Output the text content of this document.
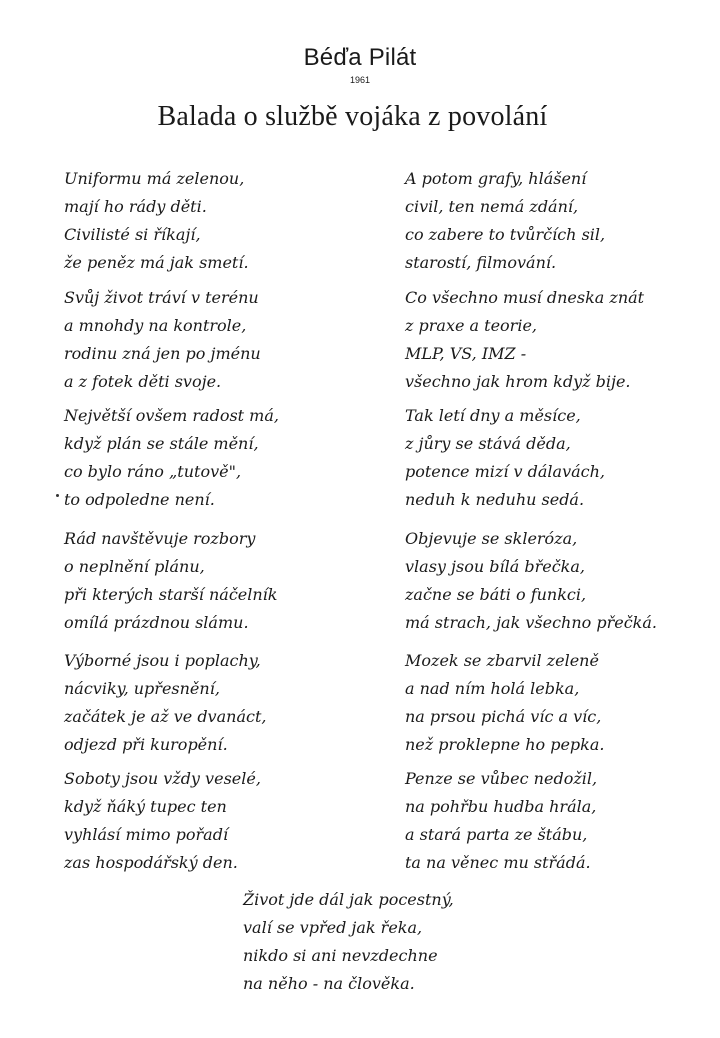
Béďa Pilát
1961
Balada o službě vojáka z povolání
Uniformu má zelenou,
mají ho rády děti.
Civilisté si říkají,
že peněz má jak smetí.
Svůj život tráví v terénu
a mnohdy na kontrole,
rodinu zná jen po jménu
a z fotek děti svoje.
Největší ovšem radost má,
když plán se stále mění,
co bylo ráno „tutově",
to odpoledne není.
Rád navštěvuje rozbory
o neplnění plánu,
při kterých starší náčelník
omílá prázdnou slámu.
Výborné jsou i poplachy,
nácviky, upřesnění,
začátek je až ve dvanáct,
odjezd při kuropění.
Soboty jsou vždy veselé,
když ňáký tupec ten
vyhlásí mimo pořadí
zas hospodářský den.
A potom grafy, hlášení
civil, ten nemá zdání,
co zabere to tvůrčích sil,
starostí, filmování.
Co všechno musí dneska znát
z praxe a teorie,
MLP, VS, IMZ -
všechno jak hrom když bije.
Tak letí dny a měsíce,
z jůry se stává děda,
potence mizí v dálavách,
neduh k neduhu sedá.
Objevuje se skleróza,
vlasy jsou bílá břečka,
začne se báti o funkci,
má strach, jak všechno přečká.
Mozek se zbarvil zeleně
a nad ním holá lebka,
na prsou pichá víc a víc,
než proklepne ho pepka.
Penze se vůbec nedožil,
na pohřbu hudba hrála,
a stará parta ze štábu,
ta na věnec mu střádá.
Život jde dál jak pocestný,
valí se vpřed jak řeka,
nikdo si ani nevzdechne
na něho - na člověka.
